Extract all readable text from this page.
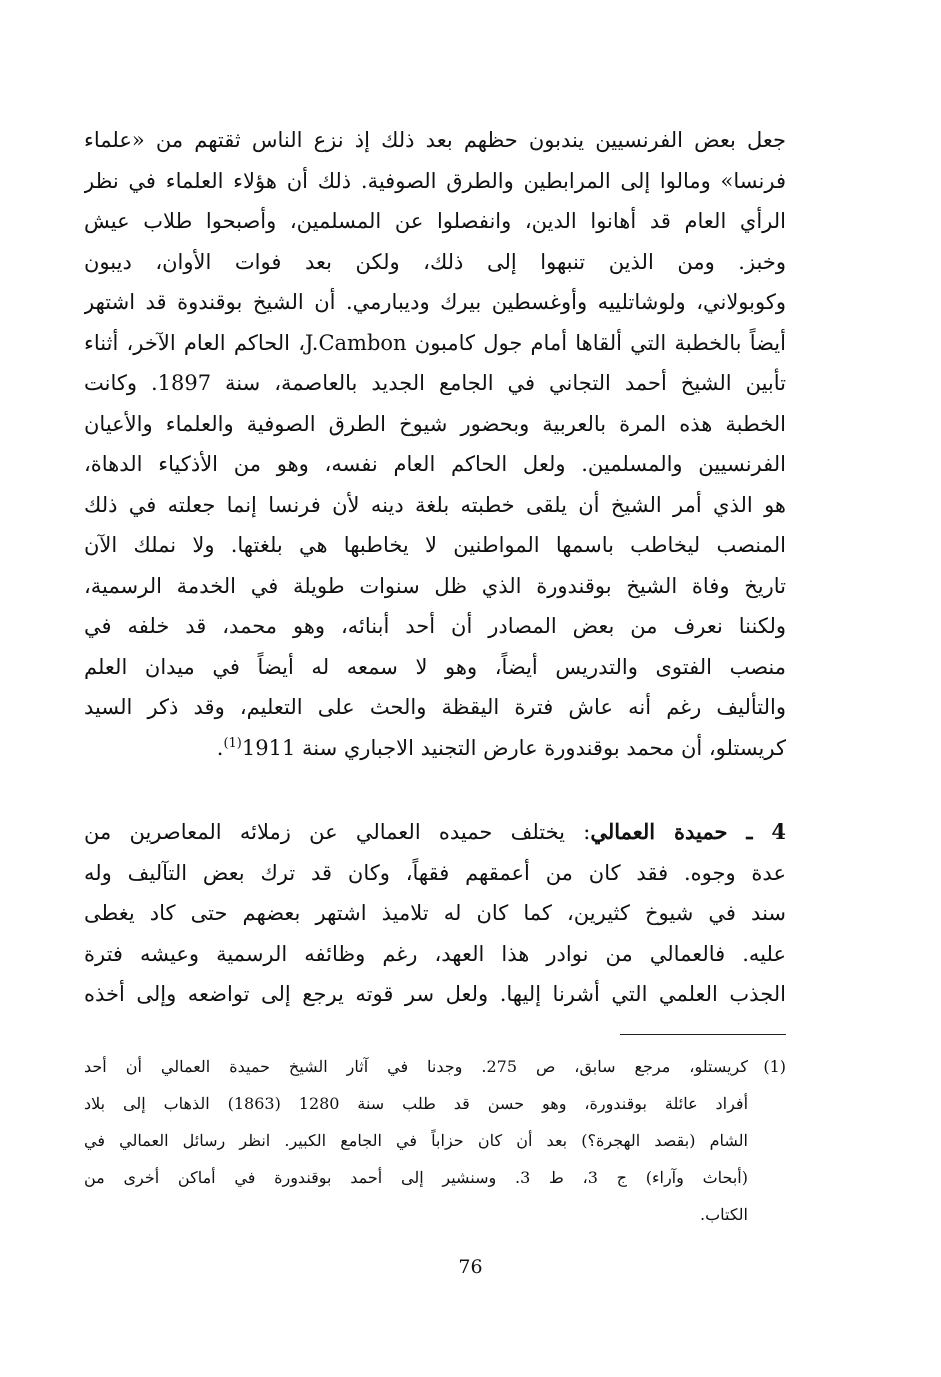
جعل بعض الفرنسيين يندبون حظهم بعد ذلك إذ نزع الناس ثقتهم من «علماء
فرنسا» ومالوا إلى المرابطين والطرق الصوفية. ذلك أن هؤلاء العلماء في نظر
الرأي العام قد أهانوا الدين، وانفصلوا عن المسلمين، وأصبحوا طلاب عيش
وخبز. ومن الذين تنبهوا إلى ذلك، ولكن بعد فوات الأوان، ديبون
وكوبولاني، ولوشاتلييه وأوغسطين بيرك وديبارمي. أن الشيخ بوقندوة قد اشتهر
أيضاً بالخطبة التي ألقاها أمام جول كامبون J.Cambon، الحاكم العام الآخر، أثناء
تأبين الشيخ أحمد التجاني في الجامع الجديد بالعاصمة، سنة 1897. وكانت
الخطبة هذه المرة بالعربية وبحضور شيوخ الطرق الصوفية والعلماء والأعيان
الفرنسيين والمسلمين. ولعل الحاكم العام نفسه، وهو من الأذكياء الدهاة،
هو الذي أمر الشيخ أن يلقى خطبته بلغة دينه لأن فرنسا إنما جعلته في ذلك
المنصب ليخاطب باسمها المواطنين لا يخاطبها هي بلغتها. ولا نملك الآن
تاريخ وفاة الشيخ بوقندورة الذي ظل سنوات طويلة في الخدمة الرسمية،
ولكننا نعرف من بعض المصادر أن أحد أبنائه، وهو محمد، قد خلفه في
منصب الفتوى والتدريس أيضاً، وهو لا سمعه له أيضاً في ميدان العلم
والتأليف رغم أنه عاش فترة اليقظة والحث على التعليم، وقد ذكر السيد
كريستلو، أن محمد بوقندورة عارض التجنيد الاجباري سنة 1911$^{(1)}$.
4 ـ حميدة العمالي: يختلف حميده العمالي عن زملائه المعاصرين من
عدة وجوه. فقد كان من أعمقهم فقهاً، وكان قد ترك بعض التآليف وله
سند في شيوخ كثيرين، كما كان له تلاميذ اشتهر بعضهم حتى كاد يغطى
عليه. فالعمالي من نوادر هذا العهد، رغم وظائفه الرسمية وعيشه فترة
الجذب العلمي التي أشرنا إليها. ولعل سر قوته يرجع إلى تواضعه وإلى أخذه
(1)
كريستلو، مرجع سابق، ص 275. وجدنا في آثار الشيخ حميدة العمالي أن أحد
أفراد عائلة بوقندورة، وهو حسن قد طلب سنة 1280 (1863) الذهاب إلى بلاد
الشام (بقصد الهجرة؟) بعد أن كان حزاباً في الجامع الكبير. انظر رسائل العمالي في
(أبحاث وآراء) ج 3، ط 3. وسنشير إلى أحمد بوقندورة في أماكن أخرى من
الكتاب.
76
